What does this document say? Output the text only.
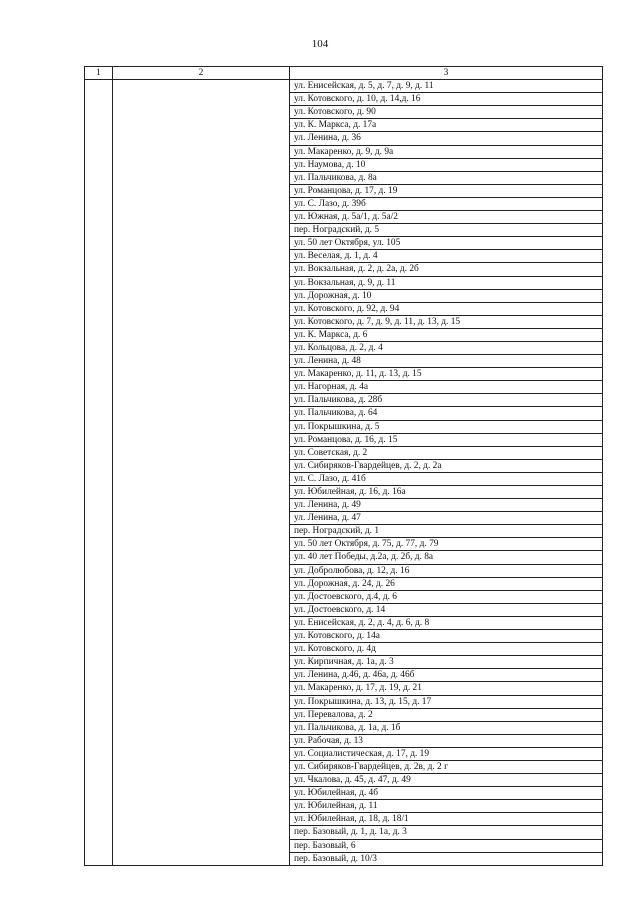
104
1	2	3
		ул. Енисейская, д. 5, д. 7, д. 9, д. 11
		ул. Котовского, д. 10, д. 14,д. 16
		ул. Котовского, д. 90
		ул. К. Маркса, д. 17а
		ул. Ленина, д. 36
		ул. Макаренко, д. 9, д. 9а
		ул. Наумова, д. 10
		ул. Пальчикова, д. 8а
		ул. Романцова, д. 17, д. 19
		ул. С. Лазо, д. 39б
		ул. Южная, д. 5а/1, д. 5а/2
		пер. Ноградский, д. 5
		ул. 50 лет Октября, ул. 105
		ул. Веселая, д. 1, д. 4
		ул. Вокзальная, д. 2, д. 2а, д. 2б
		ул. Вокзальная, д. 9, д. 11
		ул. Дорожная, д. 10
		ул. Котовского, д. 92, д. 94
		ул. Котовского, д. 7, д. 9, д. 11, д. 13, д. 15
		ул. К. Маркса, д. 6
		ул. Кольцова, д. 2, д. 4
		ул. Ленина, д. 48
		ул. Макаренко, д. 11, д. 13, д. 15
		ул. Нагорная, д. 4а
		ул. Пальчикова, д. 28б
		ул. Пальчикова, д. 64
		ул. Покрышкина, д. 5
		ул. Романцова, д. 16, д. 15
		ул. Советская, д. 2
		ул. Сибиряков-Гвардейцев, д. 2, д. 2а
		ул. С. Лазо, д. 41б
		ул. Юбилейная, д. 16, д. 16а
		ул. Ленина, д. 49
		ул. Ленина, д. 47
		пер. Ноградский, д. 1
		ул. 50 лет Октября, д. 75, д. 77, д. 79
		ул. 40 лет Победы, д.2а, д. 2б, д. 8а
		ул. Добролюбова, д. 12, д. 16
		ул. Дорожная, д. 24, д. 26
		ул. Достоевского, д.4, д. 6
		ул. Достоевского, д. 14
		ул. Енисейская, д. 2, д. 4, д. 6, д. 8
		ул. Котовского, д. 14а
		ул. Котовского, д. 4д
		ул. Кирпичная, д. 1а, д. 3
		ул. Ленина, д.46, д. 46а, д. 46б
		ул. Макаренко, д. 17, д. 19, д. 21
		ул. Покрышкина, д. 13, д. 15, д. 17
		ул. Перевалова, д. 2
		ул. Пальчикова, д. 1а, д. 1б
		ул. Рабочая, д. 13
		ул. Социалистическая, д. 17, д. 19
		ул. Сибиряков-Гвардейцев, д. 2в, д. 2 г
		ул. Чкалова, д. 45, д. 47, д. 49
		ул. Юбилейная, д. 4б
		ул. Юбилейная, д. 11
		ул. Юбилейная, д. 18, д. 18/1
		пер. Базовый, д. 1, д. 1а, д. 3
		пер. Базовый, 6
		пер. Базовый, д. 10/3
